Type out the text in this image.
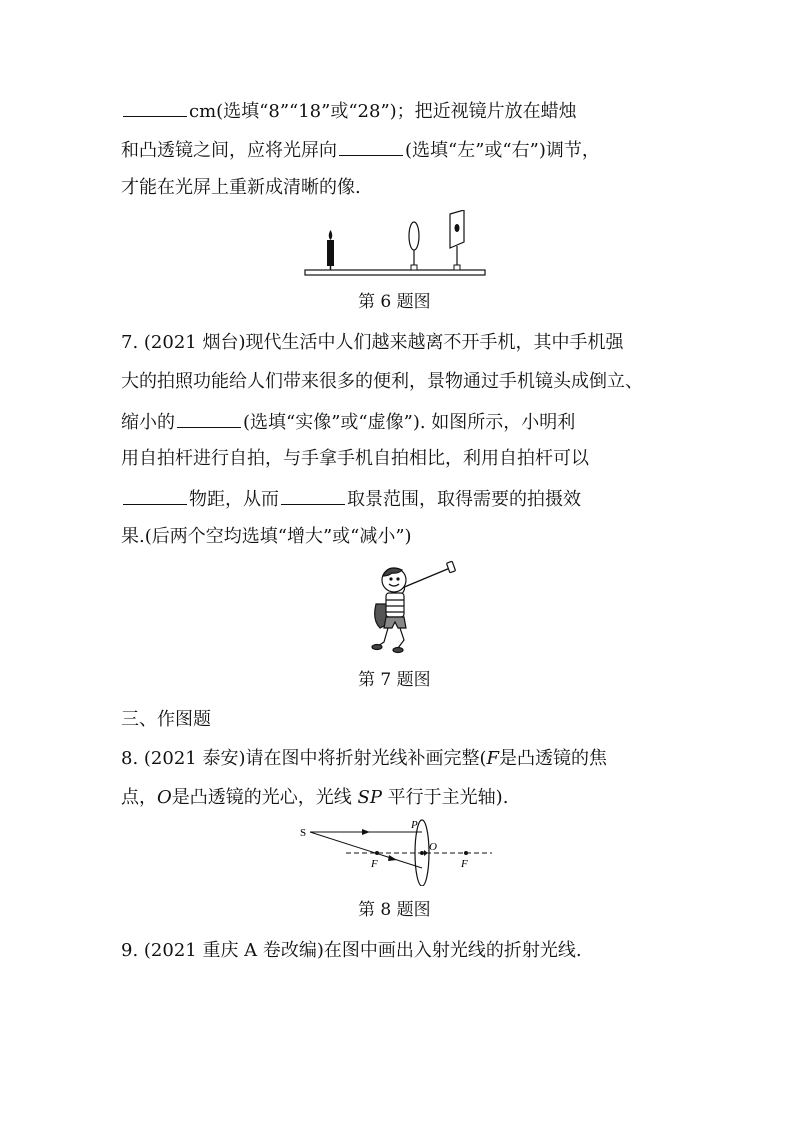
cm(选填“8”“18”或“28”)；把近视镜片放在蜡烛
和凸透镜之间，应将光屏向	(选填“左”或“右”)调节，
才能在光屏上重新成清晰的像.
第 6 题图
7. (2021 烟台)现代生活中人们越来越离不开手机，其中手机强
大的拍照功能给人们带来很多的便利，景物通过手机镜头成倒立、
缩小的	(选填“实像”或“虚像”). 如图所示，小明利
用自拍杆进行自拍，与手拿手机自拍相比，利用自拍杆可以
物距，从而	取景范围，取得需要的拍摄效
果.(后两个空均选填“增大”或“减小”)
第 7 题图
三、作图题
8. (2021 泰安)请在图中将折射光线补画完整(F是凸透镜的焦
点，O是凸透镜的光心，光线 SP 平行于主光轴).
S
P
O
F	F
第 8 题图
9. (2021 重庆 A 卷改编)在图中画出入射光线的折射光线.
